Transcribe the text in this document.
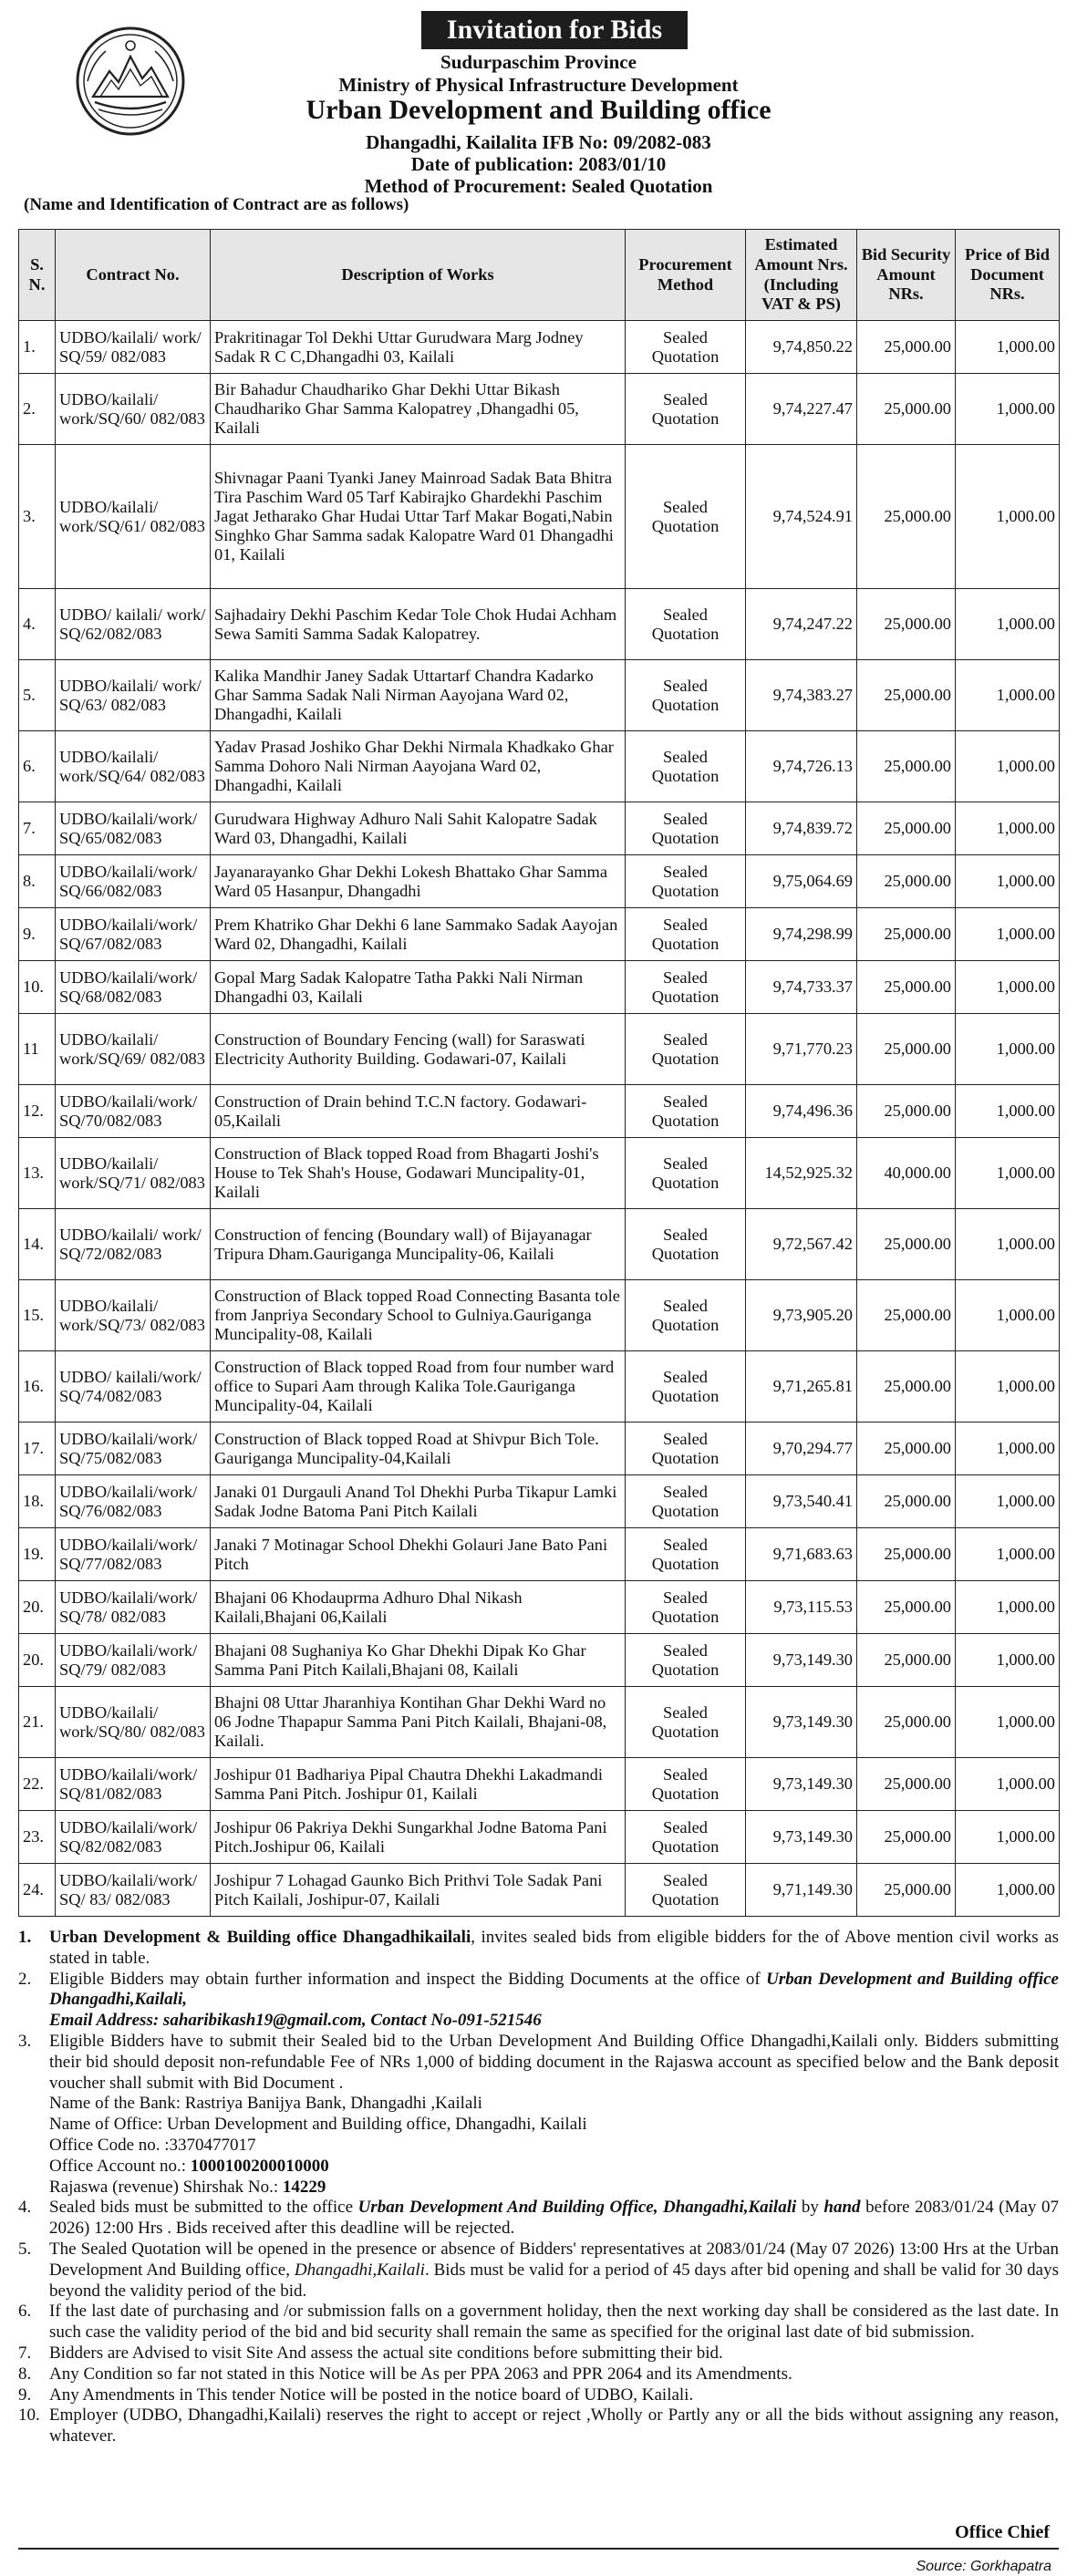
Invitation for Bids
Sudurpaschim Province
Ministry of Physical Infrastructure Development
Urban Development and Building office
Dhangadhi, Kailalita IFB No: 09/2082-083
Date of publication: 2083/01/10
Method of Procurement: Sealed Quotation
(Name and Identification of Contract are as follows)
S. N.	Contract No.	Description of Works	Procurement Method	Estimated Amount Nrs. (Including VAT & PS)	Bid Security Amount NRs.	Price of Bid Document NRs.
1.	UDBO/kailali/ work/ SQ/59/ 082/083	Prakritinagar Tol Dekhi Uttar Gurudwara Marg Jodney Sadak R C C,Dhangadhi 03, Kailali	Sealed Quotation	9,74,850.22	25,000.00	1,000.00
2.	UDBO/kailali/ work/SQ/60/ 082/083	Bir Bahadur Chaudhariko Ghar Dekhi Uttar Bikash Chaudhariko Ghar Samma Kalopatrey ,Dhangadhi 05, Kailali	Sealed Quotation	9,74,227.47	25,000.00	1,000.00
3.	UDBO/kailali/ work/SQ/61/ 082/083	Shivnagar Paani Tyanki Janey Mainroad Sadak Bata Bhitra Tira Paschim Ward 05 Tarf Kabirajko Ghardekhi Paschim Jagat Jetharako Ghar Hudai Uttar Tarf Makar Bogati,Nabin Singhko Ghar Samma sadak Kalopatre Ward 01 Dhangadhi 01, Kailali	Sealed Quotation	9,74,524.91	25,000.00	1,000.00
4.	UDBO/ kailali/ work/ SQ/62/082/083	Sajhadairy Dekhi Paschim Kedar Tole Chok Hudai Achham Sewa Samiti Samma Sadak Kalopatrey.	Sealed Quotation	9,74,247.22	25,000.00	1,000.00
5.	UDBO/kailali/ work/ SQ/63/ 082/083	Kalika Mandhir Janey Sadak Uttartarf Chandra Kadarko Ghar Samma Sadak Nali Nirman Aayojana Ward 02, Dhangadhi, Kailali	Sealed Quotation	9,74,383.27	25,000.00	1,000.00
6.	UDBO/kailali/ work/SQ/64/ 082/083	Yadav Prasad Joshiko Ghar Dekhi Nirmala Khadkako Ghar Samma Dohoro Nali Nirman Aayojana Ward 02, Dhangadhi, Kailali	Sealed Quotation	9,74,726.13	25,000.00	1,000.00
7.	UDBO/kailali/work/ SQ/65/082/083	Gurudwara Highway Adhuro Nali Sahit Kalopatre Sadak Ward 03, Dhangadhi, Kailali	Sealed Quotation	9,74,839.72	25,000.00	1,000.00
8.	UDBO/kailali/work/ SQ/66/082/083	Jayanarayanko Ghar Dekhi Lokesh Bhattako Ghar Samma Ward 05 Hasanpur, Dhangadhi	Sealed Quotation	9,75,064.69	25,000.00	1,000.00
9.	UDBO/kailali/work/ SQ/67/082/083	Prem Khatriko Ghar Dekhi 6 lane Sammako Sadak Aayojan Ward 02, Dhangadhi, Kailali	Sealed Quotation	9,74,298.99	25,000.00	1,000.00
10.	UDBO/kailali/work/ SQ/68/082/083	Gopal Marg Sadak Kalopatre Tatha Pakki Nali Nirman Dhangadhi 03, Kailali	Sealed Quotation	9,74,733.37	25,000.00	1,000.00
11	UDBO/kailali/ work/SQ/69/ 082/083	Construction of Boundary Fencing (wall) for Saraswati Electricity Authority Building. Godawari-07, Kailali	Sealed Quotation	9,71,770.23	25,000.00	1,000.00
12.	UDBO/kailali/work/ SQ/70/082/083	Construction of Drain behind T.C.N factory. Godawari-05,Kailali	Sealed Quotation	9,74,496.36	25,000.00	1,000.00
13.	UDBO/kailali/ work/SQ/71/ 082/083	Construction of Black topped Road from Bhagarti Joshi's House to Tek Shah's House, Godawari Muncipality-01, Kailali	Sealed Quotation	14,52,925.32	40,000.00	1,000.00
14.	UDBO/kailali/ work/ SQ/72/082/083	Construction of fencing (Boundary wall) of Bijayanagar Tripura Dham.Gauriganga Muncipality-06, Kailali	Sealed Quotation	9,72,567.42	25,000.00	1,000.00
15.	UDBO/kailali/ work/SQ/73/ 082/083	Construction of Black topped Road Connecting Basanta tole from Janpriya Secondary School to Gulniya.Gauriganga Muncipality-08, Kailali	Sealed Quotation	9,73,905.20	25,000.00	1,000.00
16.	UDBO/ kailali/work/ SQ/74/082/083	Construction of Black topped Road from four number ward office to Supari Aam through Kalika Tole.Gauriganga Muncipality-04, Kailali	Sealed Quotation	9,71,265.81	25,000.00	1,000.00
17.	UDBO/kailali/work/ SQ/75/082/083	Construction of Black topped Road at Shivpur Bich Tole. Gauriganga Muncipality-04,Kailali	Sealed Quotation	9,70,294.77	25,000.00	1,000.00
18.	UDBO/kailali/work/ SQ/76/082/083	Janaki 01 Durgauli Anand Tol Dhekhi Purba Tikapur Lamki Sadak Jodne Batoma Pani Pitch Kailali	Sealed Quotation	9,73,540.41	25,000.00	1,000.00
19.	UDBO/kailali/work/ SQ/77/082/083	Janaki 7 Motinagar School Dhekhi Golauri Jane Bato Pani Pitch	Sealed Quotation	9,71,683.63	25,000.00	1,000.00
20.	UDBO/kailali/work/ SQ/78/ 082/083	Bhajani 06 Khodauprma Adhuro Dhal Nikash Kailali,Bhajani 06,Kailali	Sealed Quotation	9,73,115.53	25,000.00	1,000.00
20.	UDBO/kailali/work/ SQ/79/ 082/083	Bhajani 08 Sughaniya Ko Ghar Dhekhi Dipak Ko Ghar Samma Pani Pitch Kailali,Bhajani 08, Kailali	Sealed Quotation	9,73,149.30	25,000.00	1,000.00
21.	UDBO/kailali/ work/SQ/80/ 082/083	Bhajni 08 Uttar Jharanhiya Kontihan Ghar Dekhi Ward no 06 Jodne Thapapur Samma Pani Pitch Kailali, Bhajani-08, Kailali.	Sealed Quotation	9,73,149.30	25,000.00	1,000.00
22.	UDBO/kailali/work/ SQ/81/082/083	Joshipur 01 Badhariya Pipal Chautra Dhekhi Lakadmandi Samma Pani Pitch. Joshipur 01, Kailali	Sealed Quotation	9,73,149.30	25,000.00	1,000.00
23.	UDBO/kailali/work/ SQ/82/082/083	Joshipur 06 Pakriya Dekhi Sungarkhal Jodne Batoma Pani Pitch.Joshipur 06, Kailali	Sealed Quotation	9,73,149.30	25,000.00	1,000.00
24.	UDBO/kailali/work/ SQ/ 83/ 082/083	Joshipur 7 Lohagad Gaunko Bich Prithvi Tole Sadak Pani Pitch Kailali, Joshipur-07, Kailali	Sealed Quotation	9,71,149.30	25,000.00	1,000.00
1.	Urban Development & Building office Dhangadhikailali, invites sealed bids from eligible bidders for the of Above mention civil works as stated in table.
2.	Eligible Bidders may obtain further information and inspect the Bidding Documents at the office of Urban Development and Building office Dhangadhi,Kailali,
Email Address: saharibikash19@gmail.com, Contact No-091-521546
3.	Eligible Bidders have to submit their Sealed bid to the Urban Development And Building Office Dhangadhi,Kailali only. Bidders submitting their bid should deposit non-refundable Fee of NRs 1,000 of bidding document in the Rajaswa account as specified below and the Bank deposit voucher shall submit with Bid Document .
Name of the Bank: Rastriya Banijya Bank, Dhangadhi ,Kailali
Name of Office: Urban Development and Building office, Dhangadhi, Kailali
Office Code no. :3370477017
Office Account no.: 1000100200010000
Rajaswa (revenue) Shirshak No.: 14229
4.	Sealed bids must be submitted to the office Urban Development And Building Office, Dhangadhi,Kailali by hand before 2083/01/24 (May 07 2026) 12:00 Hrs . Bids received after this deadline will be rejected.
5.	The Sealed Quotation will be opened in the presence or absence of Bidders' representatives at 2083/01/24 (May 07 2026) 13:00 Hrs at the Urban Development And Building office, Dhangadhi,Kailali. Bids must be valid for a period of 45 days after bid opening and shall be valid for 30 days beyond the validity period of the bid.
6.	If the last date of purchasing and /or submission falls on a government holiday, then the next working day shall be considered as the last date. In such case the validity period of the bid and bid security shall remain the same as specified for the original last date of bid submission.
7.	Bidders are Advised to visit Site And assess the actual site conditions before submitting their bid.
8.	Any Condition so far not stated in this Notice will be As per PPA 2063 and PPR 2064 and its Amendments.
9.	Any Amendments in This tender Notice will be posted in the notice board of UDBO, Kailali.
10. Employer (UDBO, Dhangadhi,Kailali) reserves the right to accept or reject ,Wholly or Partly any or all the bids without assigning any reason, whatever.
Office Chief
Source: Gorkhapatra
